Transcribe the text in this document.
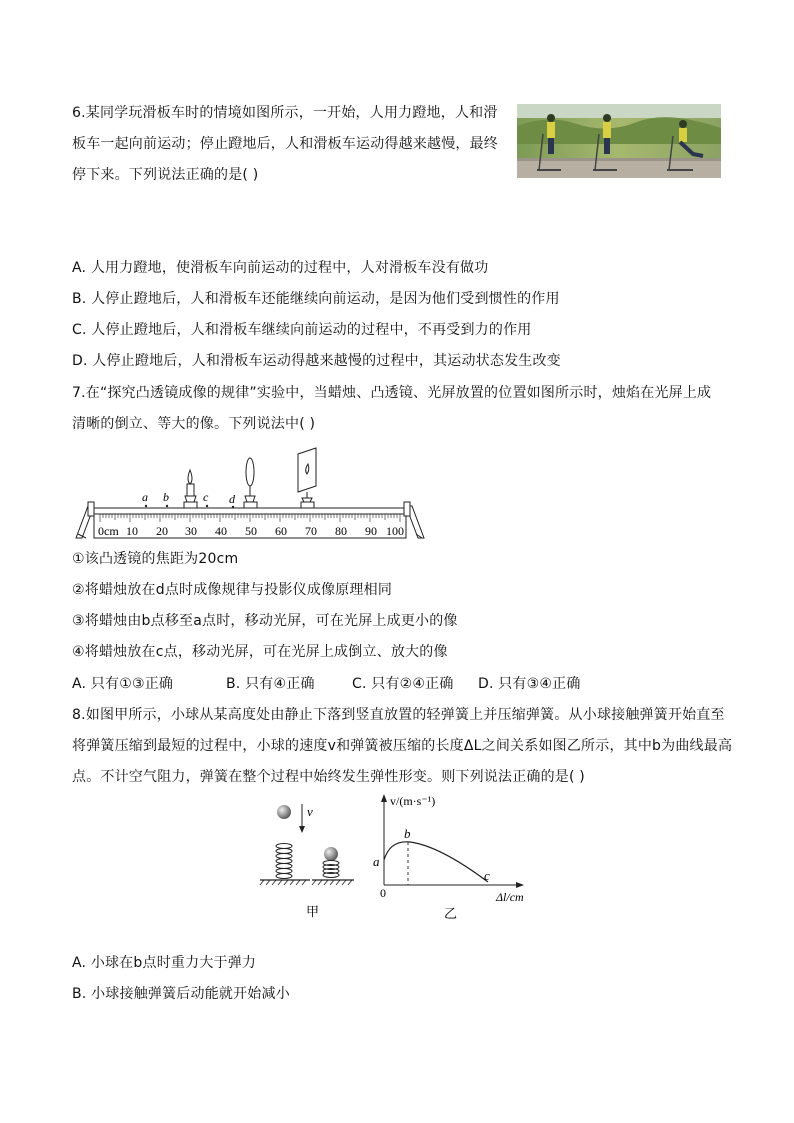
6.某同学玩滑板车时的情境如图所示，一开始，人用力蹬地，人和滑
板车一起向前运动；停止蹬地后，人和滑板车运动得越来越慢，最终
停下来。下列说法正确的是( )
A. 人用力蹬地，使滑板车向前运动的过程中，人对滑板车没有做功
B. 人停止蹬地后，人和滑板车还能继续向前运动，是因为他们受到惯性的作用
C. 人停止蹬地后，人和滑板车继续向前运动的过程中，不再受到力的作用
D. 人停止蹬地后，人和滑板车运动得越来越慢的过程中，其运动状态发生改变
7.在“探究凸透镜成像的规律”实验中，当蜡烛、凸透镜、光屏放置的位置如图所示时，烛焰在光屏上成
清晰的倒立、等大的像。下列说法中( )
0cm 10 20 30 40 50 60 70 80 90 100
a b	c d
①该凸透镜的焦距为20cm
②将蜡烛放在d点时成像规律与投影仪成像原理相同
③将蜡烛由b点移至a点时，移动光屏，可在光屏上成更小的像
④将蜡烛放在c点，移动光屏，可在光屏上成倒立、放大的像
A. 只有①③正确	B. 只有④正确	C. 只有②④正确 D. 只有③④正确
8.如图甲所示，小球从某高度处由静止下落到竖直放置的轻弹簧上并压缩弹簧。从小球接触弹簧开始直至
将弹簧压缩到最短的过程中，小球的速度v和弹簧被压缩的长度ΔL之间关系如图乙所示，其中b为曲线最高
点。不计空气阻力，弹簧在整个过程中始终发生弹性形变。则下列说法正确的是( )
v
甲
v/(m·s⁻¹)
Δl/cm
0
a
b
c
乙
A. 小球在b点时重力大于弹力
B. 小球接触弹簧后动能就开始减小
